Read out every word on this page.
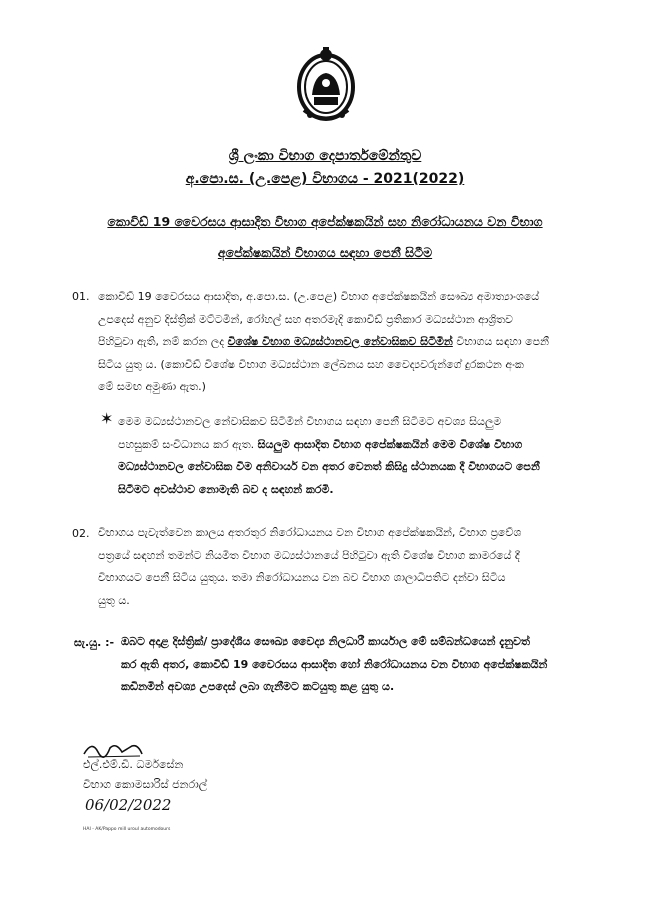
ශ්‍රී ලංකා විභාග දෙපාර්තමේන්තුව
අ.පො.ස. (උ.පෙළ) විභාගය - 2021(2022)
කොවිඩ් 19 වෛරසය ආසාදිත විභාග අපේක්ෂකයින් සහ නිරෝධායනය වන විභාග
අපේක්ෂකයින් විභාගය සඳහා පෙනී සිටීම
01. කොවිඩ් 19 වෛරසය ආසාදිත, අ.පො.ස. (උ.පෙළ) විභාග අපේක්ෂකයින් සෞඛ්‍ය අමාත්‍යාංශයේ
උපදෙස් අනුව දිස්ත්‍රික් මට්ටමින්, රෝහල් සහ අතරමැදි කොවිඩ් ප්‍රතිකාර මධ්‍යස්ථාන ආශ්‍රිතව
පිහිටුවා ඇති, නම් කරන ලද විශේෂ විභාග මධ්‍යස්ථානවල නේවාසිකව සිටිමින් විභාගය සඳහා පෙනී
සිටිය යුතු ය. (කොවිඩ් විශේෂ විභාග මධ්‍යස්ථාන ලේඛනය සහ වෛද්‍යවරුන්ගේ දුරකථන අංක
මේ සමඟ අමුණා ඇත.)
✶ මෙම මධ්‍යස්ථානවල නේවාසිකව සිටිමින් විභාගය සඳහා පෙනී සිටීමට අවශ්‍ය සියලුම
පහසුකම් සංවිධානය කර ඇත. සියලුම ආසාදිත විභාග අපේක්ෂකයින් මෙම විශේෂ විභාග
මධ්‍යස්ථානවල නේවාසික වීම අනිවාර්ය වන අතර වෙනත් කිසිදු ස්ථානයක දී විභාගයට පෙනී
සිටීමට අවස්ථාව නොමැති බව ද සඳහන් කරමි.
02. විභාගය පැවැත්වෙන කාලය අතරතුර නිරෝධායනය වන විභාග අපේක්ෂකයින්, විභාග ප්‍රවේශ
පත්‍රයේ සඳහන් තමන්ට නියමිත විභාග මධ්‍යස්ථානයේ පිහිටුවා ඇති විශේෂ විභාග කාමරයේ දී
විභාගයට පෙනී සිටිය යුතුය. තමා නිරෝධායනය වන බව විභාග ශාලාධිපතිට දන්වා සිටිය
යුතු ය.
සැ.යු. :- ඔබට අදාළ දිස්ත්‍රික්/ ප්‍රාදේශීය සෞඛ්‍ය වෛද්‍ය නිලධාරී කාර්යාල මේ සම්බන්ධයෙන් දැනුවත්
කර ඇති අතර, කොවිඩ් 19 වෛරසය ආසාදිත හෝ නිරෝධායනය වන විභාග අපේක්ෂකයින්
කඩිනමින් අවශ්‍ය උපදෙස් ලබා ගැනීමට කටයුතු කළ යුතු ය.
එල්.එම්.ඩී. ධර්මසේන
විභාග කොමසාරිස් ජනරාල්
06/02/2022
HAI - AK/Pappo mill uroul automodours
